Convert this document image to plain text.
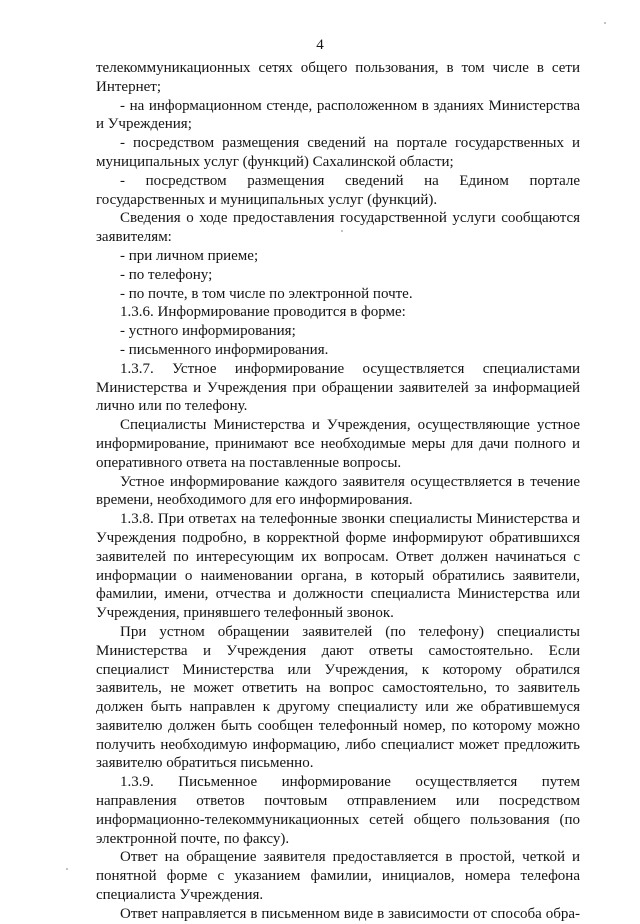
4

телекоммуникационных сетях общего пользования, в том числе в сети Интернет;

- на информационном стенде, расположенном в зданиях Министерства и Учреждения;

- посредством размещения сведений на портале государственных и муниципальных услуг (функций) Сахалинской области;

- посредством размещения сведений на Едином портале государственных и муниципальных услуг (функций).

Сведения о ходе предоставления государственной услуги сообщаются заявителям:

- при личном приеме;

- по телефону;

- по почте, в том числе по электронной почте.

1.3.6. Информирование проводится в форме:

- устного информирования;

- письменного информирования.

1.3.7. Устное информирование осуществляется специалистами Министерства и Учреждения при обращении заявителей за информацией лично или по телефону.

Специалисты Министерства и Учреждения, осуществляющие устное информирование, принимают все необходимые меры для дачи полного и оперативного ответа на поставленные вопросы.

Устное информирование каждого заявителя осуществляется в течение времени, необходимого для его информирования.

1.3.8. При ответах на телефонные звонки специалисты Министерства и Учреждения подробно, в корректной форме информируют обратившихся заявителей по интересующим их вопросам. Ответ должен начинаться с информации о наименовании органа, в который обратились заявители, фамилии, имени, отчества и должности специалиста Министерства или Учреждения, принявшего телефонный звонок.

При устном обращении заявителей (по телефону) специалисты Министерства и Учреждения дают ответы самостоятельно. Если специалист Министерства или Учреждения, к которому обратился заявитель, не может ответить на вопрос самостоятельно, то заявитель должен быть направлен к другому специалисту или же обратившемуся заявителю должен быть сообщен телефонный номер, по которому можно получить необходимую информацию, либо специалист может предложить заявителю обратиться письменно.

1.3.9. Письменное информирование осуществляется путем направления ответов почтовым отправлением или посредством информационно-телекоммуникационных сетей общего пользования (по электронной почте, по факсу).

Ответ на обращение заявителя предоставляется в простой, четкой и понятной форме с указанием фамилии, инициалов, номера телефона специалиста Учреждения.

Ответ направляется в письменном виде в зависимости от способа обра-
